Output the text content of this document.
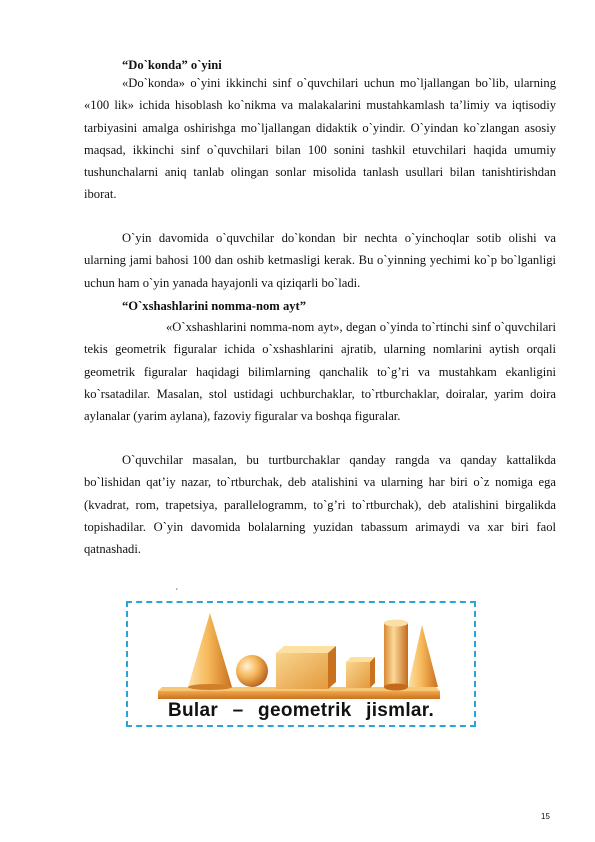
“Do`konda” o`yini

«Do`konda» o`yini ikkinchi sinf o`quvchilari uchun mo`ljallangan bo`lib, ularning «100 lik» ichida hisoblash ko`nikma va malakalarini mustahkamlash ta’limiy va iqtisodiy tarbiyasini amalga oshirishga mo`ljallangan didaktik o`yindir. O`yindan ko`zlangan asosiy maqsad, ikkinchi sinf o`quvchilari bilan 100 sonini tashkil etuvchilari haqida umumiy tushunchalarni aniq tanlab olingan sonlar misolida tanlash usullari bilan tanishtirishdan iborat.

O`yin davomida o`quvchilar do`kondan bir nechta o`yinchoqlar sotib olishi va ularning jami bahosi 100 dan oshib ketmasligi kerak. Bu o`yinning yechimi ko`p bo`lganligi uchun ham o`yin yanada hayajonli va qiziqarli bo`ladi.

“O`xshashlarini nomma-nom ayt”

«O`xshashlarini nomma-nom ayt», degan o`yinda to`rtinchi sinf o`quvchilari tekis geometrik figuralar ichida o`xshashlarini ajratib, ularning nomlarini aytish orqali geometrik figuralar haqidagi bilimlarning qanchalik to`g’ri va mustahkam ekanligini ko`rsatadilar. Masalan, stol ustidagi uchburchaklar, to`rtburchaklar, doiralar, yarim doira aylanalar (yarim aylana), fazoviy figuralar va boshqa figuralar.

O`quvchilar masalan, bu turtburchaklar qanday rangda va qanday kattalikda bo`lishidan qat’iy nazar, to`rtburchak, deb atalishini va ularning har biri o`z nomiga ega (kvadrat, rom, trapetsiya, parallelogramm, to`g’ri to`rtburchak), deb atalishini birgalikda topishadilar. O`yin davomida bolalarning yuzidan tabassum arimaydi va xar biri faol qatnashadi.

´
Bular – geometrik jismlar.
15
